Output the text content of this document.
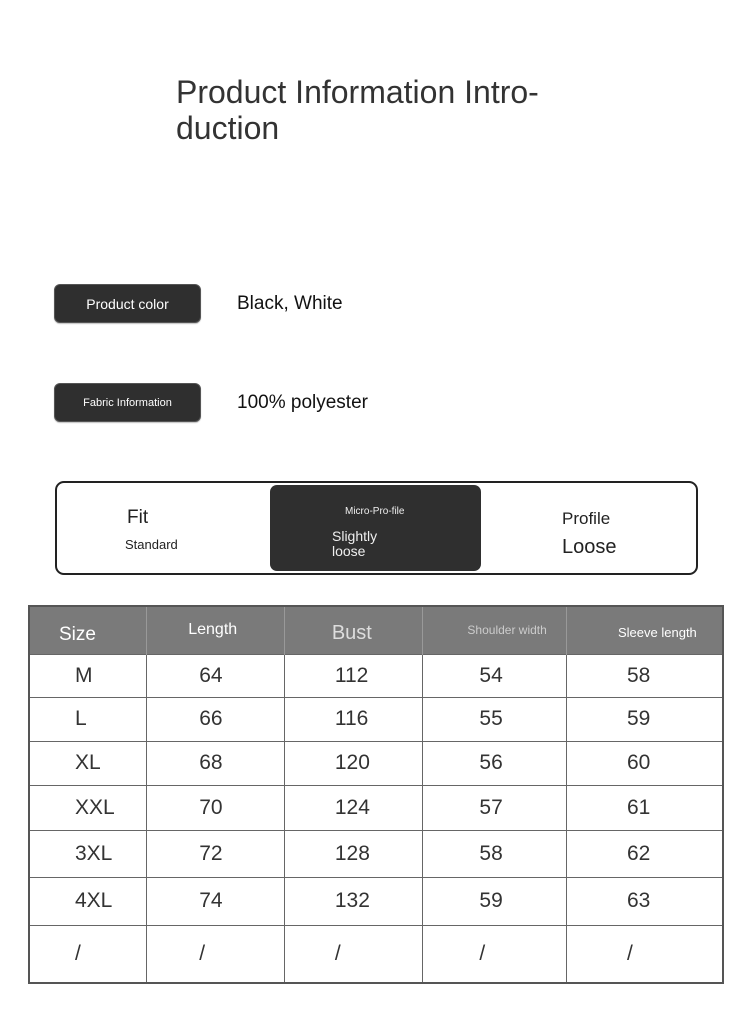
Product Information Intro-
duction
Product color	Black, White
Fabric Information	100% polyester
Fit
Standard
Micro-Pro-file
Slightly loose
Profile
Loose
Size	Length	Bust	Shoulder width	Sleeve length
M	64	112	54	58
L	66	116	55	59
XL	68	120	56	60
XXL	70	124	57	61
3XL	72	128	58	62
4XL	74	132	59	63
/	/	/	/	/
